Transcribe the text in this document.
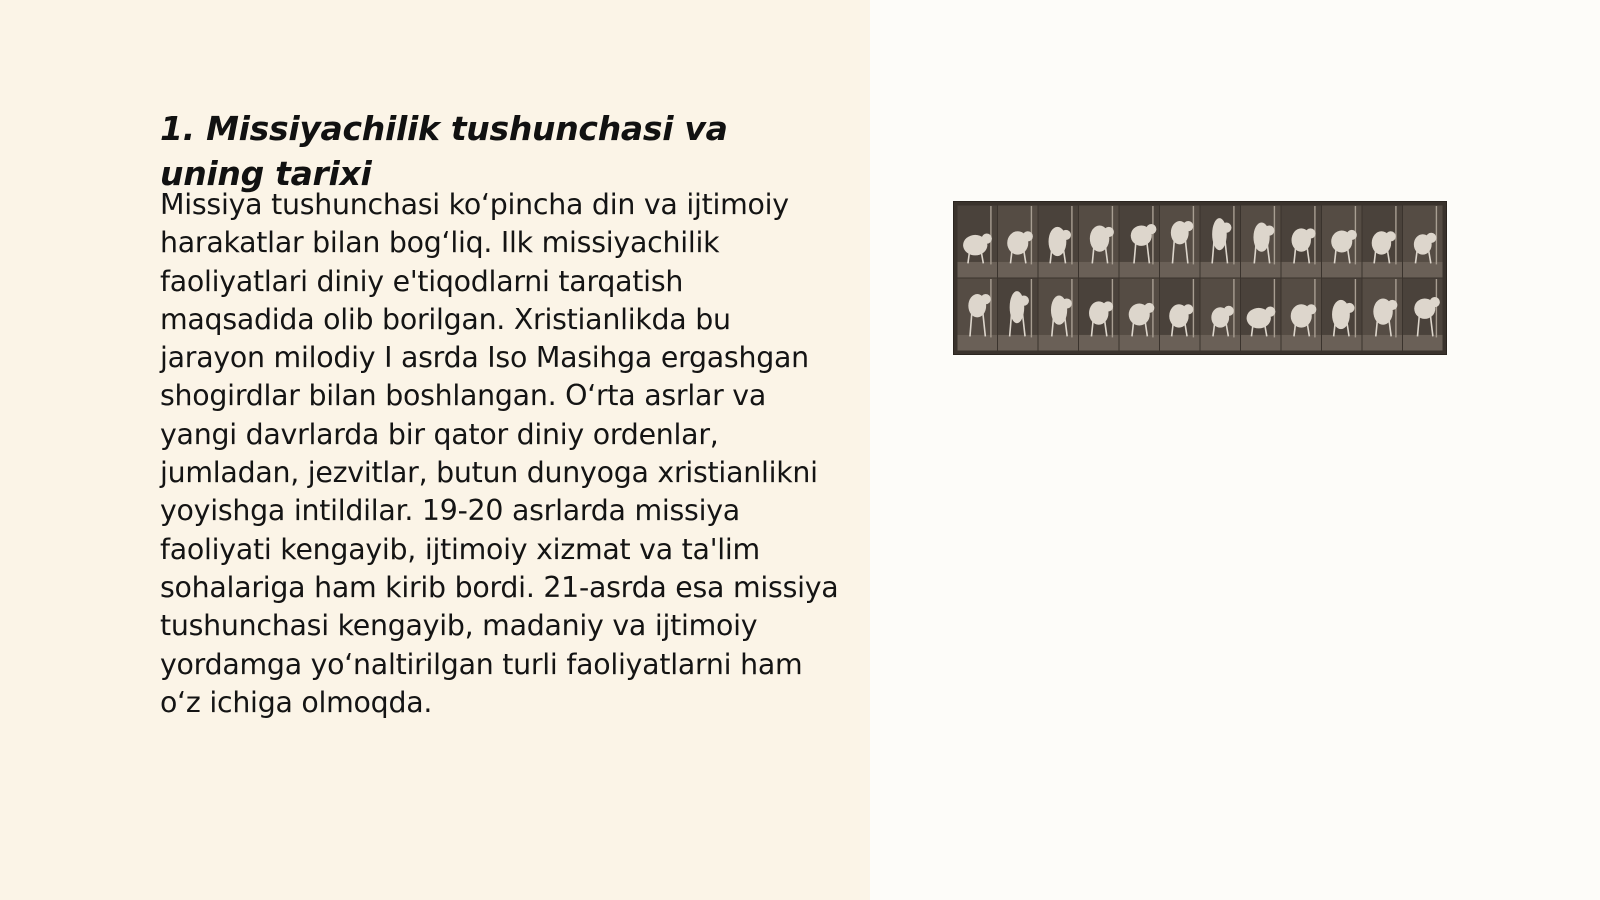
1. Missiyachilik tushunchasi va uning tarixi

Missiya tushunchasi ko‘pincha din va ijtimoiy harakatlar bilan bog‘liq. Ilk missiyachilik faoliyatlari diniy e'tiqodlarni tarqatish maqsadida olib borilgan. Xristianlikda bu jarayon milodiy I asrda Iso Masihga ergashgan shogirdlar bilan boshlangan. O‘rta asrlar va yangi davrlarda bir qator diniy ordenlar, jumladan, jezvitlar, butun dunyoga xristianlikni yoyishga intildilar. 19-20 asrlarda missiya faoliyati kengayib, ijtimoiy xizmat va ta'lim sohalariga ham kirib bordi. 21-asrda esa missiya tushunchasi kengayib, madaniy va ijtimoiy yordamga yo‘naltirilgan turli faoliyatlarni ham o‘z ichiga olmoqda.
